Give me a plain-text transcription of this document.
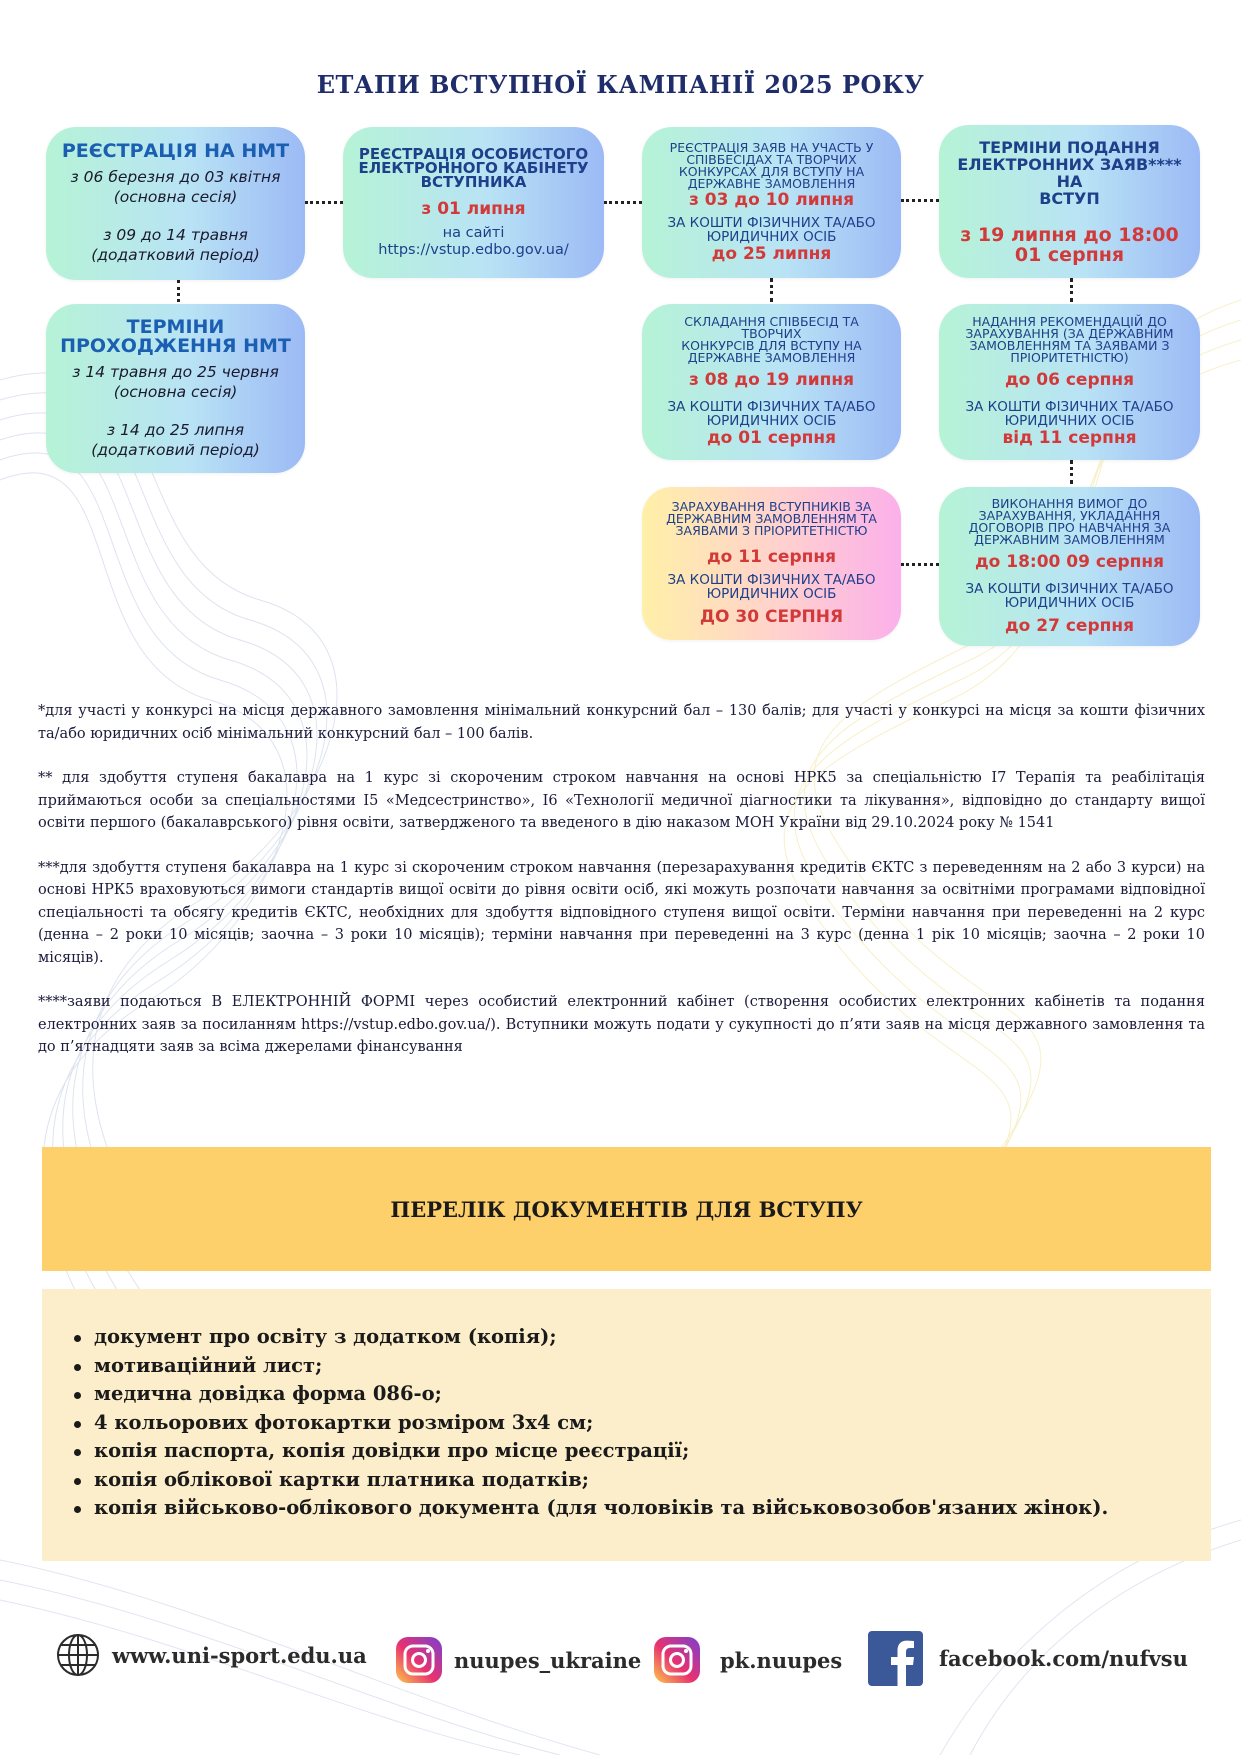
ЕТАПИ ВСТУПНОЇ КАМПАНІЇ 2025 РОКУ
РЕЄСТРАЦІЯ НА НМТ
з 06 березня до 03 квітня
(основна сесія)
з 09 до 14 травня
(додатковий період)
ТЕРМІНИ
ПРОХОДЖЕННЯ НМТ
з 14 травня до 25 червня
(основна сесія)
з 14 до 25 липня
(додатковий період)
РЕЄСТРАЦІЯ ОСОБИСТОГО
ЕЛЕКТРОННОГО КАБІНЕТУ
ВСТУПНИКА
з 01 липня
на сайті
https://vstup.edbo.gov.ua/
РЕЄСТРАЦІЯ ЗАЯВ НА УЧАСТЬ У
СПІВБЕСІДАХ ТА ТВОРЧИХ
КОНКУРСАХ ДЛЯ ВСТУПУ НА
ДЕРЖАВНЕ ЗАМОВЛЕННЯ
з 03 до 10 липня
ЗА КОШТИ ФІЗИЧНИХ ТА/АБО
ЮРИДИЧНИХ ОСІБ
до 25 липня
ТЕРМІНИ ПОДАННЯ
ЕЛЕКТРОННИХ ЗАЯВ**** НА
ВСТУП
з 19 липня до 18:00
01 серпня
СКЛАДАННЯ СПІВБЕСІД ТА ТВОРЧИХ
КОНКУРСІВ ДЛЯ ВСТУПУ НА
ДЕРЖАВНЕ ЗАМОВЛЕННЯ
з 08 до 19 липня
ЗА КОШТИ ФІЗИЧНИХ ТА/АБО
ЮРИДИЧНИХ ОСІБ
до 01 серпня
НАДАННЯ РЕКОМЕНДАЦІЙ ДО
ЗАРАХУВАННЯ (ЗА ДЕРЖАВНИМ
ЗАМОВЛЕННЯМ ТА ЗАЯВАМИ З
ПРІОРИТЕТНІСТЮ)
до 06 серпня
ЗА КОШТИ ФІЗИЧНИХ ТА/АБО
ЮРИДИЧНИХ ОСІБ
від 11 серпня
ЗАРАХУВАННЯ ВСТУПНИКІВ ЗА
ДЕРЖАВНИМ ЗАМОВЛЕННЯМ ТА
ЗАЯВАМИ З ПРІОРИТЕТНІСТЮ
до 11 серпня
ЗА КОШТИ ФІЗИЧНИХ ТА/АБО
ЮРИДИЧНИХ ОСІБ
ДО 30 СЕРПНЯ
ВИКОНАННЯ ВИМОГ ДО
ЗАРАХУВАННЯ, УКЛАДАННЯ
ДОГОВОРІВ ПРО НАВЧАННЯ ЗА
ДЕРЖАВНИМ ЗАМОВЛЕННЯМ
до 18:00 09 серпня
ЗА КОШТИ ФІЗИЧНИХ ТА/АБО
ЮРИДИЧНИХ ОСІБ
до 27 серпня

*для участі у конкурсі на місця державного замовлення мінімальний конкурсний бал – 130 балів; для участі у конкурсі на місця за кошти фізичних та/або юридичних осіб мінімальний конкурсний бал – 100 балів.

** для здобуття ступеня бакалавра на 1 курс зі скороченим строком навчання на основі НРК5 за спеціальністю I7 Терапія та реабілітація приймаються особи за спеціальностями I5 «Медсестринство», I6 «Технології медичної діагностики та лікування», відповідно до стандарту вищої освіти першого (бакалаврського) рівня освіти, затвердженого та введеного в дію наказом МОН України від 29.10.2024 року № 1541

***для здобуття ступеня бакалавра на 1 курс зі скороченим строком навчання (перезарахування кредитів ЄКТС з переведенням на 2 або 3 курси) на основі НРК5 враховуються вимоги стандартів вищої освіти до рівня освіти осіб, які можуть розпочати навчання за освітніми програмами відповідної спеціальності та обсягу кредитів ЄКТС, необхідних для здобуття відповідного ступеня вищої освіти. Терміни навчання при переведенні на 2 курс (денна – 2 роки 10 місяців; заочна – 3 роки 10 місяців); терміни навчання при переведенні на 3 курс (денна 1 рік 10 місяців; заочна – 2 роки 10 місяців).

****заяви подаються В ЕЛЕКТРОННІЙ ФОРМІ через особистий електронний кабінет (створення особистих електронних кабінетів та подання електронних заяв за посиланням https://vstup.edbo.gov.ua/). Вступники можуть подати у сукупності до п’яти заяв на місця державного замовлення та до п’ятнадцяти заяв за всіма джерелами фінансування

ПЕРЕЛІК ДОКУМЕНТІВ ДЛЯ ВСТУПУ
документ про освіту з додатком (копія);
мотиваційний лист;
медична довідка форма 086-о;
4 кольорових фотокартки розміром 3х4 см;
копія паспорта, копія довідки про місце реєстрації;
копія облікової картки платника податків;
копія військово-облікового документа (для чоловіків та військовозобов'язаних жінок).
www.uni-sport.edu.ua	nuupes_ukraine	pk.nuupes	facebook.com/nufvsu
